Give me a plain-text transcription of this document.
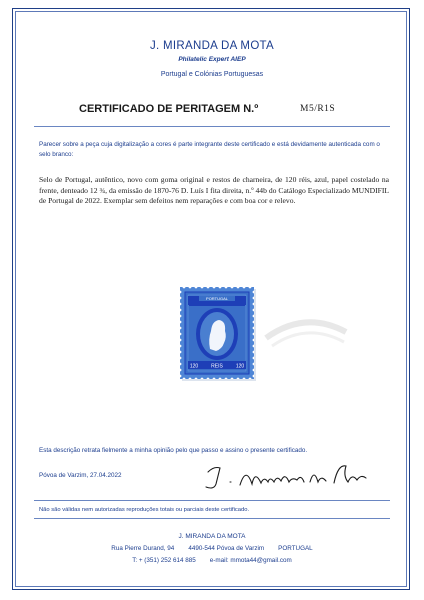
J. MIRANDA DA MOTA
Philatelic Expert AIEP
Portugal e Colónias Portuguesas
CERTIFICADO DE PERITAGEM N.º	M5/R1S
Parecer sobre a peça cuja digitalização a cores é parte integrante deste certificado e está devidamente autenticada com o selo branco:
Selo de Portugal, autêntico, novo com goma original e restos de charneira, de 120 réis, azul, papel costelado na frente, denteado 12 ¾, da emissão de 1870-76 D. Luís I fita direita, n.º 44b do Catálogo Especializado MUNDIFIL de Portugal de 2022. Exemplar sem defeitos nem reparações e com boa cor e relevo.
PORTUGAL
120	REIS	120
Esta descrição retrata fielmente a minha opinião pelo que passo e assino o presente certificado.
Póvoa de Varzim, 27.04.2022
Não são válidas nem autorizadas reproduções totais ou parciais deste certificado.
J. MIRANDA DA MOTA
Rua Pierre Durand, 94 4490-544 Póvoa de Varzim PORTUGAL
T: + (351) 252 614 885 e-mail: mmota44@gmail.com
